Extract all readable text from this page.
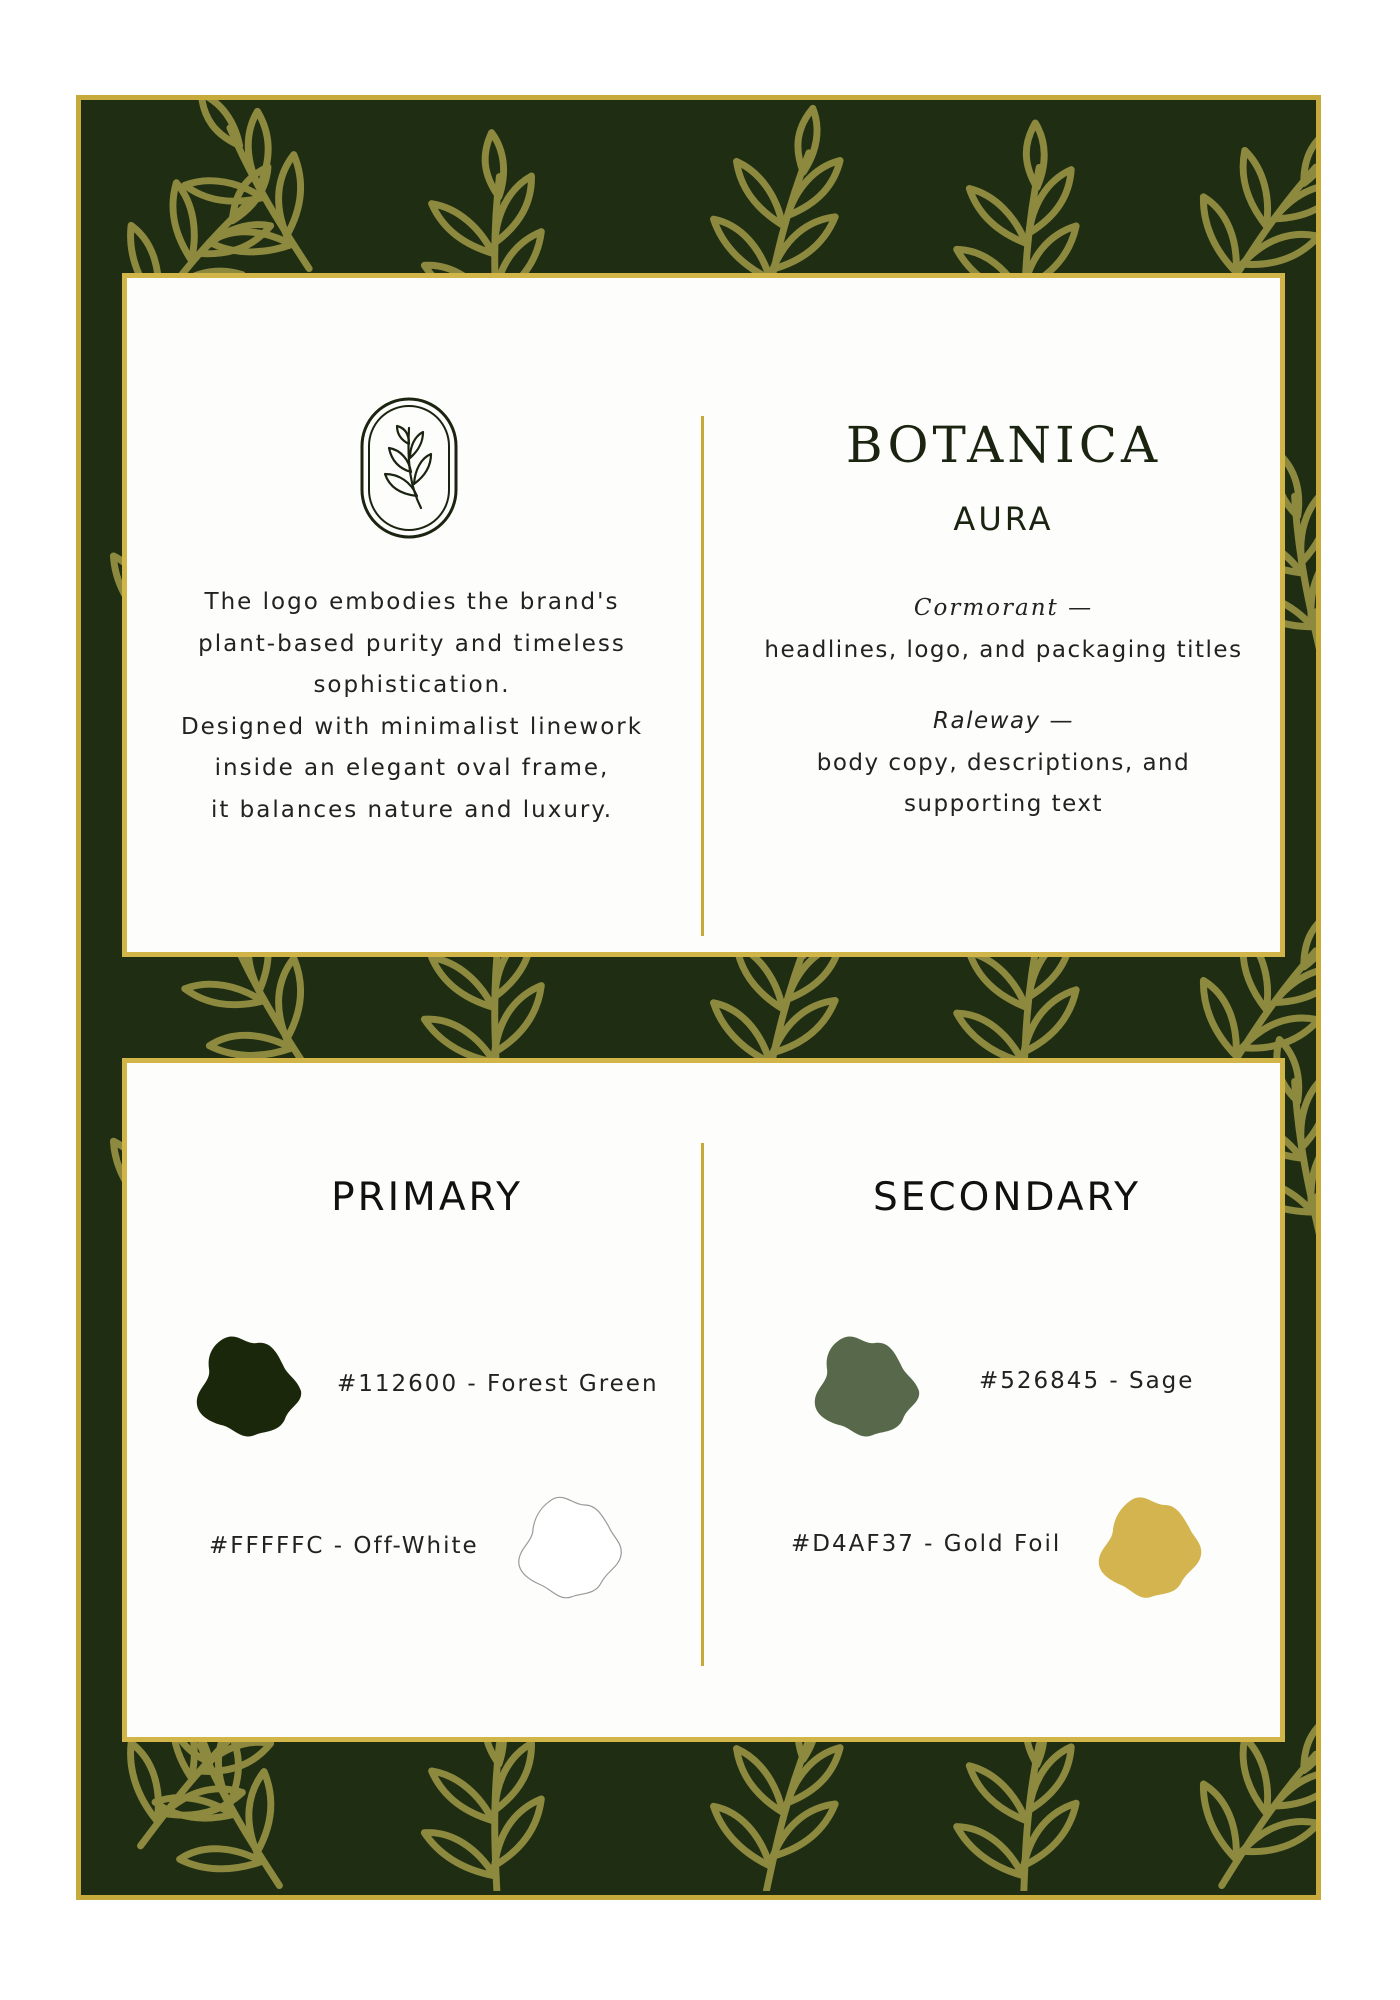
The logo embodies the brand's
plant-based purity and timeless
sophistication.
Designed with minimalist linework
inside an elegant oval frame,
it balances nature and luxury.

BOTANICA
AURA
Cormorant —
headlines, logo, and packaging titles
Raleway —
body copy, descriptions, and
supporting text
PRIMARY	SECONDARY
#112600 - Forest Green
#FFFFFC - Off-White
#526845 - Sage
#D4AF37 - Gold Foil
